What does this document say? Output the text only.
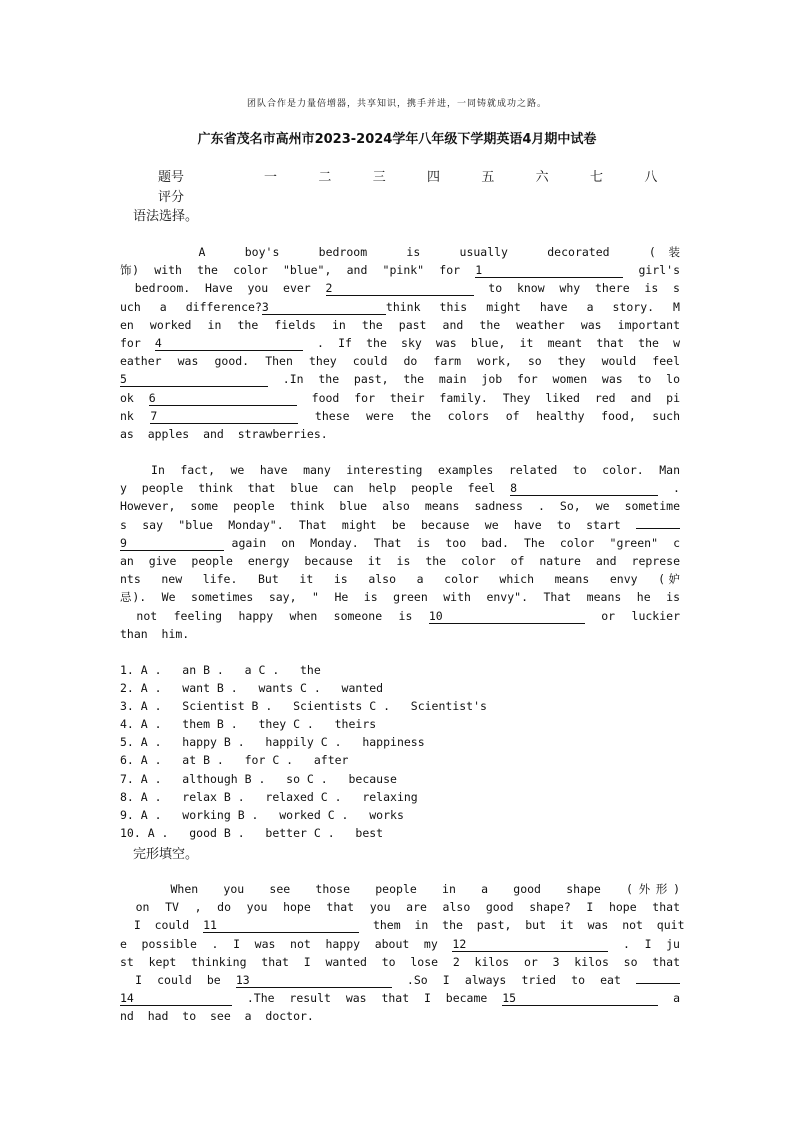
团队合作是力量倍增器，共享知识，携手并进，一同铸就成功之路。
广东省茂名市高州市2023-2024学年八年级下学期英语4月期中试卷
题号	一	二	三	四	五	六	七	八
评分
语法选择。
A  boy's  bedroom  is  usually  decorated  (装
饰)  with  the  color  "blue",  and  "pink"  for  1	girl's
bedroom.  Have  you  ever  2	to  know  why  there  is  s
uch  a  difference?3	think  this  might  have  a  story.  M
en  worked  in  the  fields  in  the  past  and  the  weather  was  important
for  4	.  If  the  sky  was  blue,  it  meant  that  the  w
eather  was  good.  Then  they  could  do  farm  work,  so  they  would  feel
5	.In  the  past,  the  main  job  for  women  was  to  lo
ok  6	food  for  their  family.  They  liked  red  and  pi
nk  7	these  were  the  colors  of  healthy  food,  such
as  apples  and  strawberries.
In  fact,  we  have  many  interesting  examples  related  to  color.  Man
y  people  think  that  blue  can  help  people  feel  8	.
However,  some  people  think  blue  also  means  sadness  .  So,  we  sometime
s  say  "blue  Monday".  That  might  be  because  we  have  to  start
9	again  on  Monday.  That  is  too  bad.  The  color  "green"  c
an  give  people  energy  because  it  is  the  color  of  nature  and  represe
nts  new  life.  But  it  is  also  a  color  which  means  envy  (妒
忌).  We  sometimes  say,  "  He  is  green  with  envy".  That  means  he  is
not  feeling  happy  when  someone  is  10	or  luckier
than  him.
1. A .   an B .   a C .   the
2. A .   want B .   wants C .   wanted
3. A .   Scientist B .   Scientists C .   Scientist's
4. A .   them B .   they C .   theirs
5. A .   happy B .   happily C .   happiness
6. A .   at B .   for C .   after
7. A .   although B .   so C .   because
8. A .   relax B .   relaxed C .   relaxing
9. A .   working B .   worked C .   works
10. A .   good B .   better C .   best
完形填空。
When  you  see  those  people  in  a  good  shape  (外形)
on  TV  ,  do  you  hope  that  you  are  also  good  shape?  I  hope  that
I  could  11	them  in  the  past,  but  it  was  not  quit
e  possible  .  I  was  not  happy  about  my  12	.  I  ju
st  kept  thinking  that  I  wanted  to  lose  2  kilos  or  3  kilos  so  that
I  could  be  13	.So  I  always  tried  to  eat
14	.The  result  was  that  I  became  15	a
nd  had  to  see  a  doctor.
